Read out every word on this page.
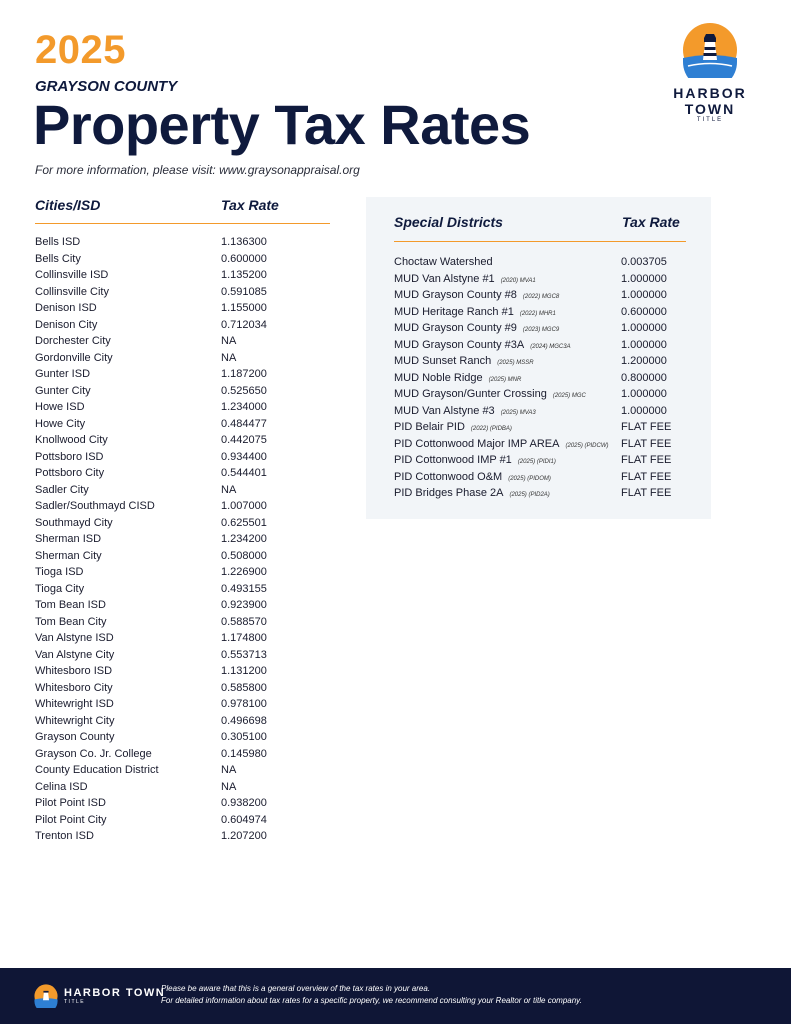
2025
GRAYSON COUNTY
Property Tax Rates
For more information, please visit: www.graysonappraisal.org
HARBOR TOWN
TITLE
Cities/ISD	Tax Rate
Bells ISD	1.136300
Bells City	0.600000
Collinsville ISD	1.135200
Collinsville City	0.591085
Denison ISD	1.155000
Denison City	0.712034
Dorchester City	NA
Gordonville City	NA
Gunter ISD	1.187200
Gunter City	0.525650
Howe ISD	1.234000
Howe City	0.484477
Knollwood City	0.442075
Pottsboro ISD	0.934400
Pottsboro City	0.544401
Sadler City	NA
Sadler/Southmayd CISD	1.007000
Southmayd City	0.625501
Sherman ISD	1.234200
Sherman City	0.508000
Tioga ISD	1.226900
Tioga City	0.493155
Tom Bean ISD	0.923900
Tom Bean City	0.588570
Van Alstyne ISD	1.174800
Van Alstyne City	0.553713
Whitesboro ISD	1.131200
Whitesboro City	0.585800
Whitewright ISD	0.978100
Whitewright City	0.496698
Grayson County	0.305100
Grayson Co. Jr. College	0.145980
County Education District	NA
Celina ISD	NA
Pilot Point ISD	0.938200
Pilot Point City	0.604974
Trenton ISD	1.207200
Special Districts	Tax Rate
Choctaw Watershed	0.003705
MUD Van Alstyne #1 (2020) MVA1	1.000000
MUD Grayson County #8 (2022) MGC8	1.000000
MUD Heritage Ranch #1 (2022) MHR1	0.600000
MUD Grayson County #9 (2023) MGC9	1.000000
MUD Grayson County #3A (2024) MGC3A	1.000000
MUD Sunset Ranch (2025) MSSR	1.200000
MUD Noble Ridge (2025) MNR	0.800000
MUD Grayson/Gunter Crossing (2025) MGC	1.000000
MUD Van Alstyne #3 (2025) MVA3	1.000000
PID Belair PID (2022) (PIDBA)	FLAT FEE
PID Cottonwood Major IMP AREA (2025) (PIDCW)	FLAT FEE
PID Cottonwood IMP #1 (2025) (PIDI1)	FLAT FEE
PID Cottonwood O&M (2025) (PIDOM)	FLAT FEE
PID Bridges Phase 2A (2025) (PID2A)	FLAT FEE
HARBOR TOWN
TITLE
Please be aware that this is a general overview of the tax rates in your area.
For detailed information about tax rates for a specific property, we recommend consulting your Realtor or title company.
